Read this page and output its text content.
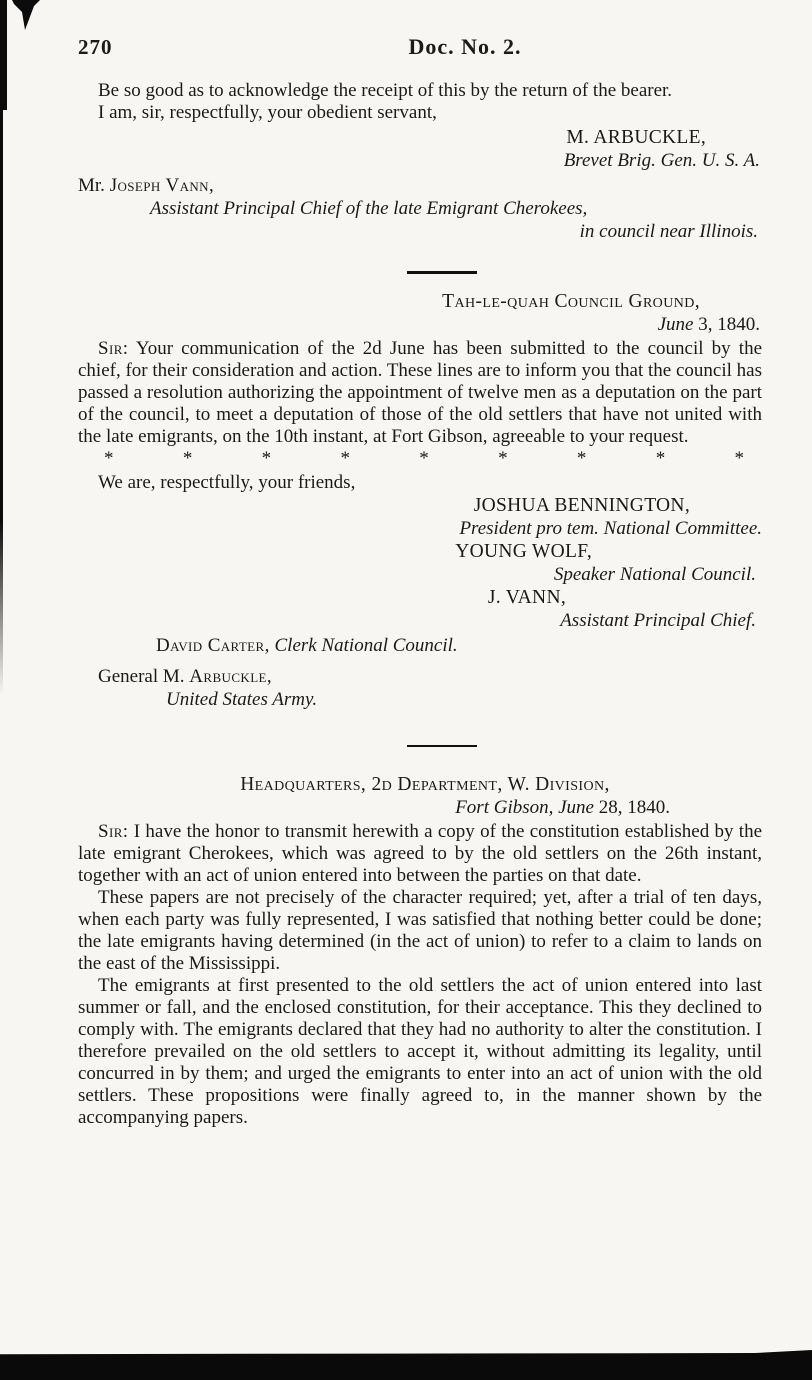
270	Doc. No. 2.

Be so good as to acknowledge the receipt of this by the return of the bearer.

I am, sir, respectfully, your obedient servant,

M. ARBUCKLE,
Brevet Brig. Gen. U. S. A.
Mr. Joseph Vann,
Assistant Principal Chief of the late Emigrant Cherokees,
in council near Illinois.
Tah-le-quah Council Ground,
June 3, 1840.

Sir: Your communication of the 2d June has been submitted to the council by the chief, for their consideration and action. These lines are to inform you that the council has passed a resolution authorizing the appointment of twelve men as a deputation on the part of the council, to meet a deputation of those of the old settlers that have not united with the late emigrants, on the 10th instant, at Fort Gibson, agreeable to your request.

*	*	*	*	*	*	*	*	*

We are, respectfully, your friends,

JOSHUA BENNINGTON,
President pro tem. National Committee.
YOUNG WOLF,
Speaker National Council.
J. VANN,
Assistant Principal Chief.
David Carter, Clerk National Council.
General M. Arbuckle,
United States Army.
Headquarters, 2d Department, W. Division,
Fort Gibson, June 28, 1840.

Sir: I have the honor to transmit herewith a copy of the constitution established by the late emigrant Cherokees, which was agreed to by the old settlers on the 26th instant, together with an act of union entered into between the parties on that date.

These papers are not precisely of the character required; yet, after a trial of ten days, when each party was fully represented, I was satisfied that nothing better could be done; the late emigrants having determined (in the act of union) to refer to a claim to lands on the east of the Mississippi.

The emigrants at first presented to the old settlers the act of union entered into last summer or fall, and the enclosed constitution, for their acceptance. This they declined to comply with. The emigrants declared that they had no authority to alter the constitution. I therefore prevailed on the old settlers to accept it, without admitting its legality, until concurred in by them; and urged the emigrants to enter into an act of union with the old settlers. These propositions were finally agreed to, in the manner shown by the accompanying papers.
